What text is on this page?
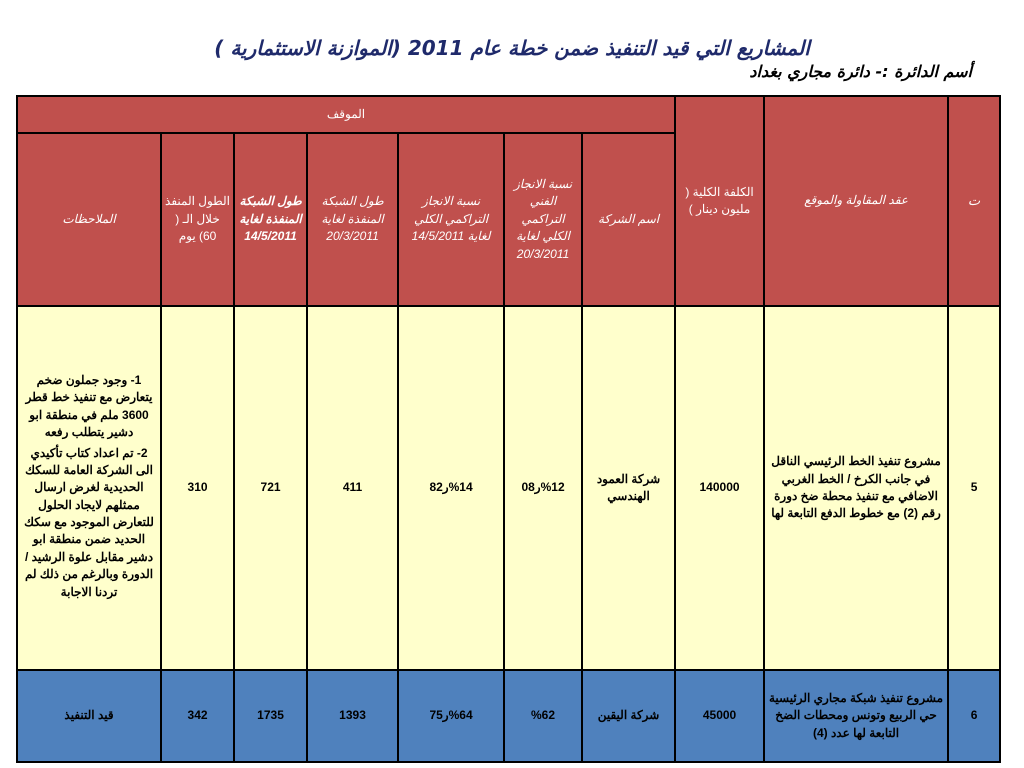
المشاريع التي قيد التنفيذ ضمن خطة عام 2011 (الموازنة الاستثمارية )
أسم الدائرة :- دائرة مجاري بغداد
ت	عقد المقاولة والموقع	الكلفة الكلية ( مليون دينار )	الموقف						
			اسم الشركة	نسبة الانجاز الفني التراكمي الكلي لغاية 20/3/2011	نسبة الانجاز التراكمي الكلي لغاية 14/5/2011	طول الشبكة المنفذة لغاية 20/3/2011	طول الشبكة المنفذة لغاية 14/5/2011	الطول المنفذ خلال الـ ( 60) يوم	الملاحظات
5	مشروع تنفيذ الخط الرئيسي الناقل في جانب الكرخ / الخط الغربي الاضافي مع تنفيذ محطة ضخ دورة رقم (2) مع خطوط الدفع التابعة لها	140000	شركة العمود الهندسي	%12ر08	%14ر82	411	721	310	1- وجود جملون ضخم يتعارض مع تنفيذ خط قطر 3600 ملم في منطقة ابو دشير يتطلب رفعه

2- تم اعداد كتاب تأكيدي الى الشركة العامة للسكك الحديدية لغرض ارسال ممثلهم لايجاد الحلول للتعارض الموجود مع سكك الحديد ضمن منطقة ابو دشير مقابل علوة الرشيد / الدورة وبالرغم من ذلك لم تردنا الاجابة

6	مشروع تنفيذ شبكة مجاري الرئيسية حي الربيع وتونس ومحطات الضخ التابعة لها عدد (4)	45000	شركة اليقين	%62	%64ر75	1393	1735	342	قيد التنفيذ
